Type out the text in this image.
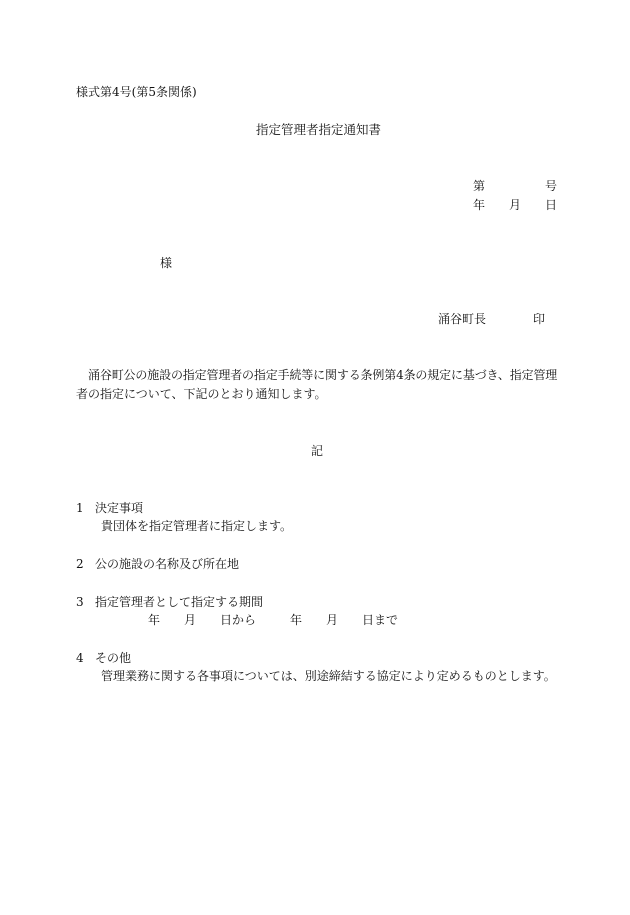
様式第4号(第5条関係)
指定管理者指定通知書
第	号
年 月 日
様
涌谷町長	印
涌谷町公の施設の指定管理者の指定手続等に関する条例第4条の規定に基づき、指定管理
者の指定について、下記のとおり通知します。
記
1 決定事項
貴団体を指定管理者に指定します。
2 公の施設の名称及び所在地
3 指定管理者として指定する期間
年 月 日から	年 月 日まで
4 その他
管理業務に関する各事項については、別途締結する協定により定めるものとします。
